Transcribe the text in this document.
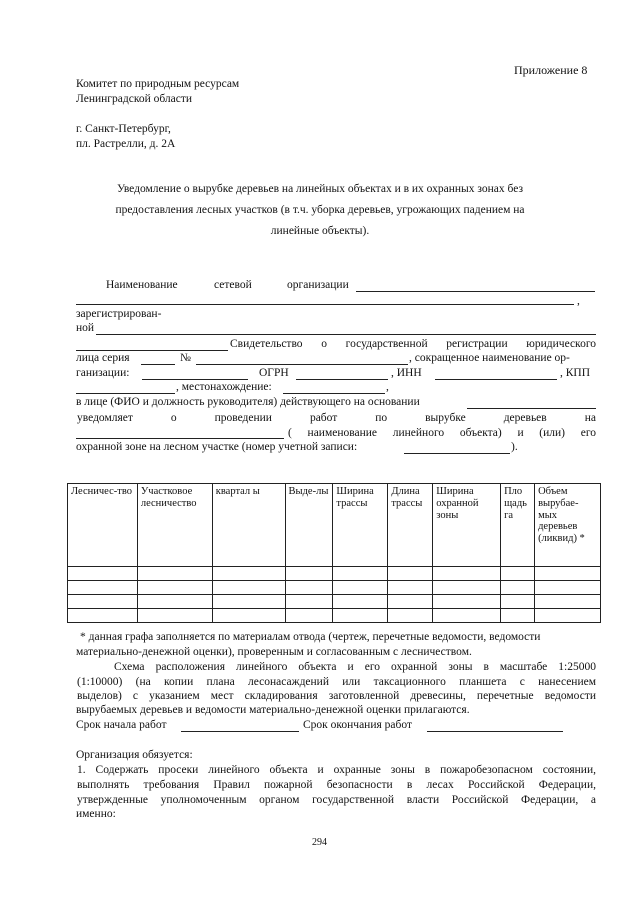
Приложение 8
Комитет по природным ресурсам
Ленинградской области
г. Санкт-Петербург,
пл. Растрелли, д. 2А
Уведомление о вырубке деревьев на линейных объектах и в их охранных зонах без
предоставления лесных участков (в т.ч. уборка деревьев, угрожающих падением на
линейные объекты).
Наименование	сетевой	организации
,
зарегистрирован-
ной
Свидетельство о государственной регистрации юридического
лица серия	№	, сокращенное наименование ор-
ганизации:	ОГРН	, ИНН	, КПП
, местонахождение:	,
в лице (ФИО и должность руководителя) действующего на основании
уведомляет	о	проведении	работ	по	вырубке	деревьев	на
( наименование линейного объекта) и (или) его
охранной зоне на лесном участке (номер учетной записи:	).
Лесничес-тво	Участковое лесничество	квартал ы	Выде-лы	Ширина трассы	Длина трассы	Ширина охранной зоны	Пло щадь га	Объем вырубае-мых деревьев (ликвид) *

* данная графа заполняется по материалам отвода (чертеж, перечетные ведомости, ведомости
материально-денежной оценки), проверенным и согласованным с лесничеством.
Схема расположения линейного объекта и его охранной зоны в масштабе 1:25000
(1:10000) (на копии плана лесонасаждений или таксационного планшета с нанесением
выделов) с указанием мест складирования заготовленной древесины, перечетные ведомости
вырубаемых деревьев и ведомости материально-денежной оценки прилагаются.
Срок начала работ	Срок окончания работ
Организация обязуется:
1. Содержать просеки линейного объекта и охранные зоны в пожаробезопасном состоянии,
выполнять требования Правил пожарной безопасности в лесах Российской Федерации,
утвержденные уполномоченным органом государственной власти Российской Федерации, а
именно:
294
